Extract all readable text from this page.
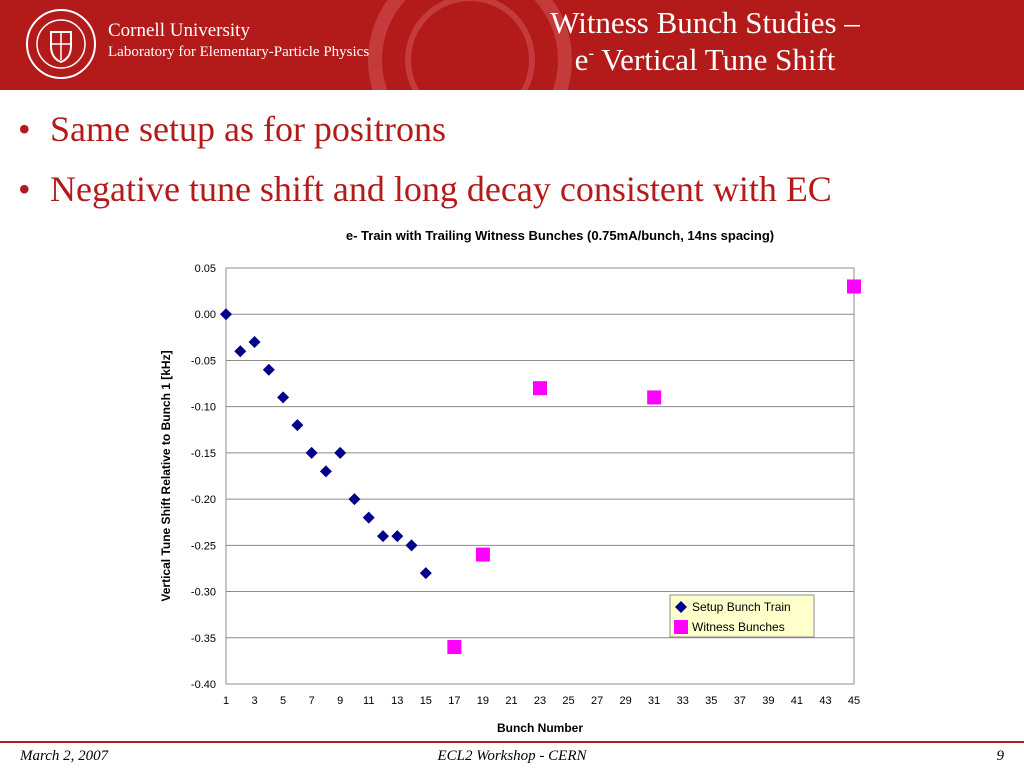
Cornell University
Laboratory for Elementary-Particle Physics
Witness Bunch Studies –
e- Vertical Tune Shift
• Same setup as for positrons
• Negative tune shift and long decay consistent with EC
e- Train with Trailing Witness Bunches (0.75mA/bunch, 14ns spacing)
0.05
0.00
-0.05
-0.10
-0.15
-0.20
-0.25
-0.30
-0.35
-0.40
1 3 5 7 9 11 13 15 17 19 21 23 25 27 29 31 33 35 37 39 41 43 45
Bunch Number
Vertical Tune Shift Relative to Bunch 1 [kHz]
Setup Bunch Train
Witness Bunches
March 2, 2007	ECL2 Workshop - CERN	9
